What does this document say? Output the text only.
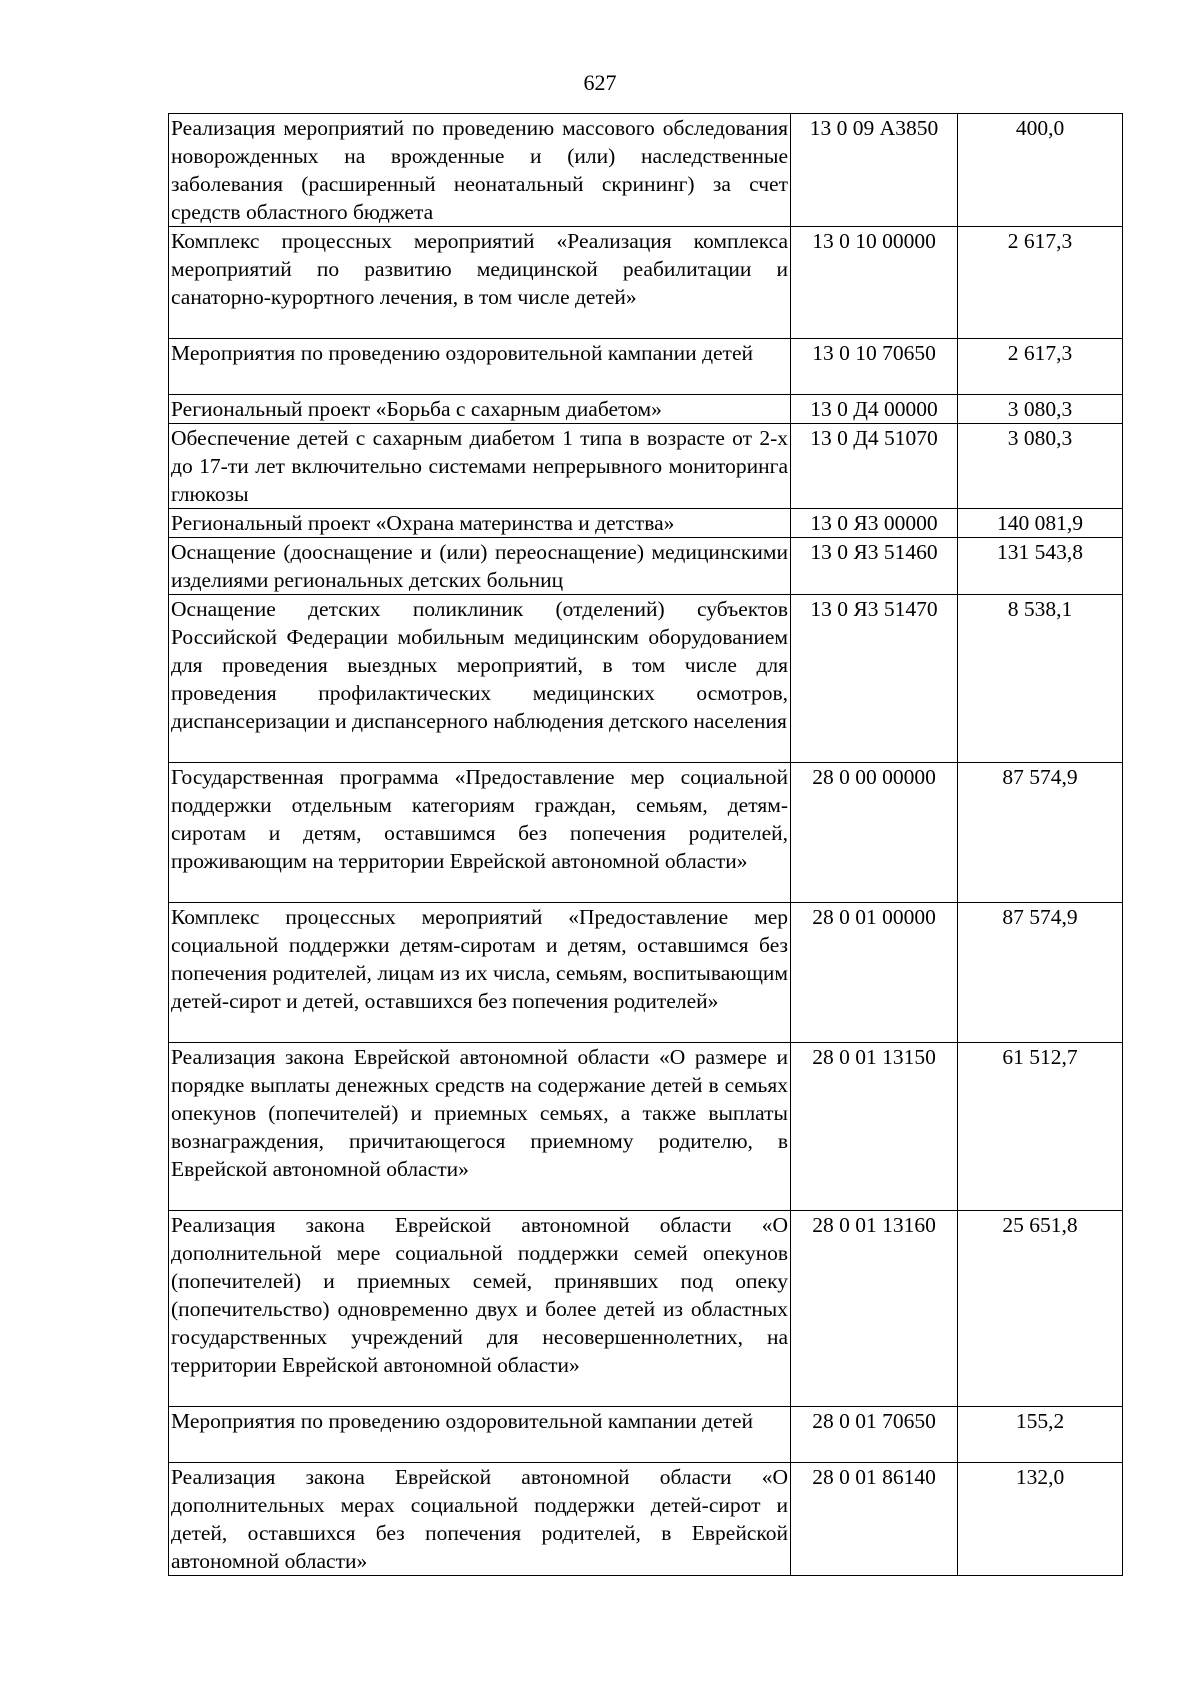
627
Реализация мероприятий по проведению массового обследования новорожденных на врожденные и (или) наследственные заболевания (расширенный неонатальный скрининг) за счет средств областного бюджета	13 0 09 А3850	400,0
Комплекс процессных мероприятий «Реализация комплекса мероприятий по развитию медицинской реабилитации и санаторно-курортного лечения, в том числе детей»	13 0 10 00000	2 617,3
Мероприятия по проведению оздоровительной кампании детей	13 0 10 70650	2 617,3
Региональный проект «Борьба с сахарным диабетом»	13 0 Д4 00000	3 080,3
Обеспечение детей с сахарным диабетом 1 типа в возрасте от 2-х до 17-ти лет включительно системами непрерывного мониторинга глюкозы	13 0 Д4 51070	3 080,3
Региональный проект «Охрана материнства и детства»	13 0 Я3 00000	140 081,9
Оснащение (дооснащение и (или) переоснащение) медицинскими изделиями региональных детских больниц	13 0 Я3 51460	131 543,8
Оснащение детских поликлиник (отделений) субъектов Российской Федерации мобильным медицинским оборудованием для проведения выездных мероприятий, в том числе для проведения профилактических медицинских осмотров, диспансеризации и диспансерного наблюдения детского населения	13 0 Я3 51470	8 538,1
Государственная программа «Предоставление мер социальной поддержки отдельным категориям граждан, семьям, детям-сиротам и детям, оставшимся без попечения родителей, проживающим на территории Еврейской автономной области»	28 0 00 00000	87 574,9
Комплекс процессных мероприятий «Предоставление мер социальной поддержки детям-сиротам и детям, оставшимся без попечения родителей, лицам из их числа, семьям, воспитывающим детей-сирот и детей, оставшихся без попечения родителей»	28 0 01 00000	87 574,9
Реализация закона Еврейской автономной области «О размере и порядке выплаты денежных средств на содержание детей в семьях опекунов (попечителей) и приемных семьях, а также выплаты вознаграждения, причитающегося приемному родителю, в Еврейской автономной области»	28 0 01 13150	61 512,7
Реализация закона Еврейской автономной области «О дополнительной мере социальной поддержки семей опекунов (попечителей) и приемных семей, принявших под опеку (попечительство) одновременно двух и более детей из областных государственных учреждений для несовершеннолетних, на территории Еврейской автономной области»	28 0 01 13160	25 651,8
Мероприятия по проведению оздоровительной кампании детей	28 0 01 70650	155,2
Реализация закона Еврейской автономной области «О дополнительных мерах социальной поддержки детей-сирот и детей, оставшихся без попечения родителей, в Еврейской автономной области»	28 0 01 86140	132,0
